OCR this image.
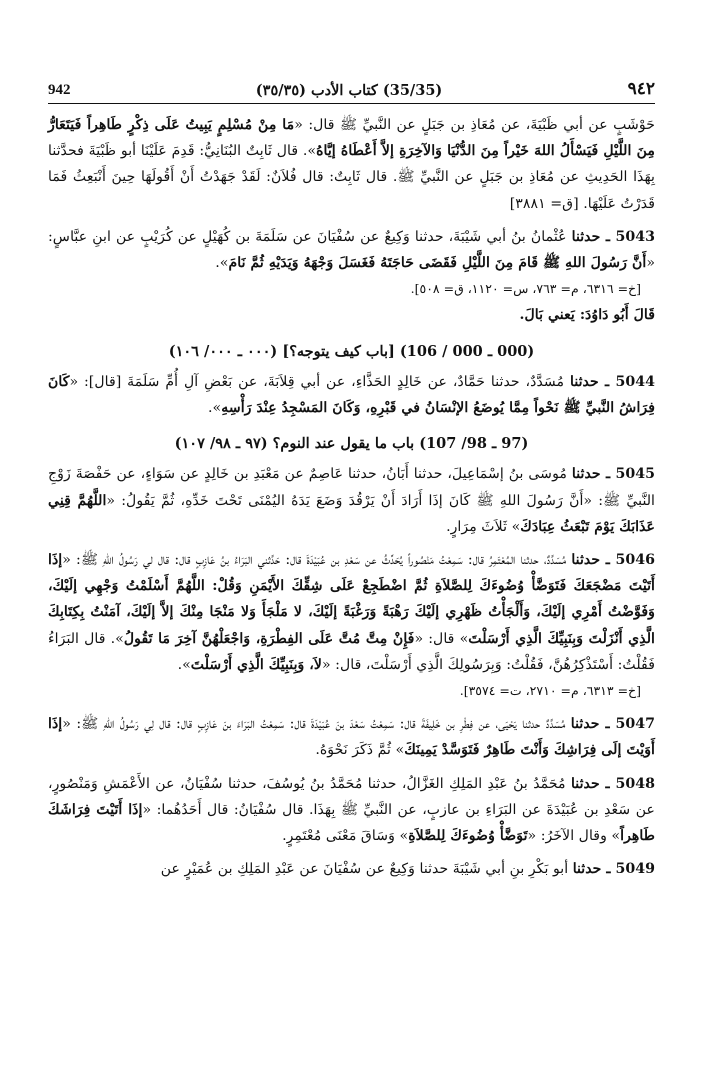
942	(35/35) كتاب الأدب (٣٥/٣٥)	٩٤٢

حَوْشَبٍ عن أبي ظَبْيَةَ، عن مُعَاذِ بن جَبَلٍ عن النَّبيِّ ﷺ قال: «مَا مِنْ مُسْلِمٍ يَبِيتُ عَلَى ذِكْرٍ طَاهِراً فَيَتَعَارُّ مِنَ اللَّيْلِ فَيَسْأَلُ اللهَ خَيْراً مِنَ الدُّنْيَا وَالآخِرَةِ إلاَّ أَعْطَاهُ إيَّاهُ». قال ثَابِتٌ البُنَانِيُّ: قَدِمَ عَلَيْنَا أبو ظَبْيَةَ فحدَّثنا بِهَذَا الحَدِيثِ عن مُعَاذِ بن جَبَلٍ عن النَّبيِّ ﷺ. قال ثَابِتٌ: قال فُلاَنٌ: لَقَدْ جَهَدْتُ أَنْ أَقُولَهَا حِينَ أَنْبَعِثُ فَمَا قَدَرْتُ عَلَيْهَا. [ق= ٣٨٨١]

5043 ـ حدثنا عُثْمانُ بنُ أبي شَيْبَةَ، حدثنا وَكِيعٌ عن سُفْيَانَ عن سَلَمَةَ بن كُهَيْلٍ عن كُرَيْبٍ عن ابنِ عبَّاسٍ: «أَنَّ رَسُولَ اللهِ ﷺ قَامَ مِنَ اللَّيْلِ فَقَضَى حَاجَتَهُ فَغَسَلَ وَجْهَهُ وَيَدَيْهِ ثُمَّ نَامَ».

[خ= ٦٣١٦، م= ٧٦٣، س= ١١٢٠، ق= ٥٠٨].

قَالَ أَبُو دَاوُدَ: يَعني بَالَ.

(000 ـ 000 / 106) [باب كيف يتوجه؟] (٠٠٠ ـ ٠٠٠/ ١٠٦)

5044 ـ حدثنا مُسَدَّدٌ، حدثنا حَمَّادٌ، عن خَالِدٍ الحَذَّاءِ، عن أبي قِلاَبَةَ، عن بَعْضِ آلِ أُمِّ سَلَمَةَ [قال]: «كَانَ فِرَاشُ النَّبيِّ ﷺ نَحْواً مِمَّا يُوضَعُ الإنْسَانُ في قَبْرِهِ، وَكَانَ المَسْجِدُ عِنْدَ رَأْسِهِ».

(97 ـ 98/ 107) باب ما يقول عند النوم؟ (٩٧ ـ ٩٨/ ١٠٧)

5045 ـ حدثنا مُوسَى بنُ إسْمَاعِيلَ، حدثنا أَبَانُ، حدثنا عَاصِمٌ عن مَعْبَدِ بن خَالِدٍ عن سَوَاءٍ، عن حَفْصَةَ زَوْجِ النَّبيِّ ﷺ: «أَنَّ رَسُولَ اللهِ ﷺ كَانَ إذَا أَرَادَ أَنْ يَرْقُدَ وَضَعَ يَدَهُ اليُمْنَى تَحْتَ خَدِّهِ، ثُمَّ يَقُولُ: «اللَّهُمَّ قِنِي عَذَابَكَ يَوْمَ تَبْعَثُ عِبَادَكَ» ثَلاَثَ مِرَارٍ.

5046 ـ حدثنا مُسَدَّدٌ، حدثنا المُعْتَمِرُ قال: سَمِعْتُ مَنْصُوراً يُحَدِّثُ عن سَعْدِ بن عُبَيْدَةَ قال: حَدَّثني البَرَاءُ بنُ عَازِبٍ قال: قال لي رَسُولُ اللهِ ﷺ: «إذَا أَتَيْتَ مَضْجَعَكَ فَتَوَضَّأْ وُضُوءَكَ لِلصَّلاَةِ ثُمَّ اضْطَجِعْ عَلَى شِقِّكَ الأَيْمَنِ وَقُلْ: اللَّهُمَّ أَسْلَمْتُ وَجْهِي إلَيْكَ، وَفَوَّضْتُ أَمْرِي إلَيْكَ، وَأَلْجَأْتُ ظَهْرِي إلَيْكَ رَهْبَةً وَرَغْبَةً إلَيْكَ، لا مَلْجَأَ وَلا مَنْجَا مِنْكَ إلاَّ إلَيْكَ، آمَنْتُ بِكِتَابِكَ الَّذِي أَنْزَلْتَ وَبِنَبِيِّكَ الَّذِي أَرْسَلْتَ» قال: «فَإِنْ مِتَّ مُتَّ عَلَى الفِطْرَةِ، وَاجْعَلْهُنَّ آخِرَ مَا تَقُولُ». قال البَرَاءُ فَقُلْتُ: أَسْتَذْكِرُهُنَّ، فَقُلْتُ: وَبِرَسُولِكَ الَّذِي أَرْسَلْتَ، قال: «لاَ، وَبِنَبِيِّكَ الَّذِي أَرْسَلْتَ».

[خ= ٦٣١٣، م= ٢٧١٠، ت= ٣٥٧٤].

5047 ـ حدثنا مُسَدَّدٌ حدثنا يَحْيَى، عن فِطْرِ بن خَلِيفَةَ قال: سَمِعْتُ سَعْدَ بنَ عُبَيْدَةَ قال: سَمِعْتُ البَرَاءَ بنَ عَازِبٍ قال: قال لِي رَسُولُ اللهِ ﷺ: «إذَا أَوَيْتَ إلَى فِرَاشِكَ وَأَنْتَ طَاهِرٌ فَتَوَسَّدْ يَمِينَكَ» ثُمَّ ذَكَرَ نَحْوَهُ.

5048 ـ حدثنا مُحَمَّدُ بنُ عَبْدِ المَلِكِ الغَزَّالُ، حدثنا مُحَمَّدُ بنُ يُوسُفَ، حدثنا سُفْيَانُ، عن الأَعْمَشِ وَمَنْصُورٍ، عن سَعْدِ بن عُبَيْدَةَ عن البَرَاءِ بن عازبٍ، عن النَّبيِّ ﷺ بِهَذَا. قال سُفْيَانُ: قال أَحَدُهُما: «إذَا أَتَيْتَ فِرَاشَكَ طَاهِراً» وقال الآخَرُ: «تَوَضَّأْ وُضُوءَكَ لِلصَّلاَةِ» وَسَاقَ مَعْنَى مُعْتَمِرٍ.

5049 ـ حدثنا أبو بَكْرِ بنِ أبي شَيْبَةَ حدثنا وَكِيعٌ عن سُفْيَانَ عن عَبْدِ المَلِكِ بن عُمَيْرٍ عن
